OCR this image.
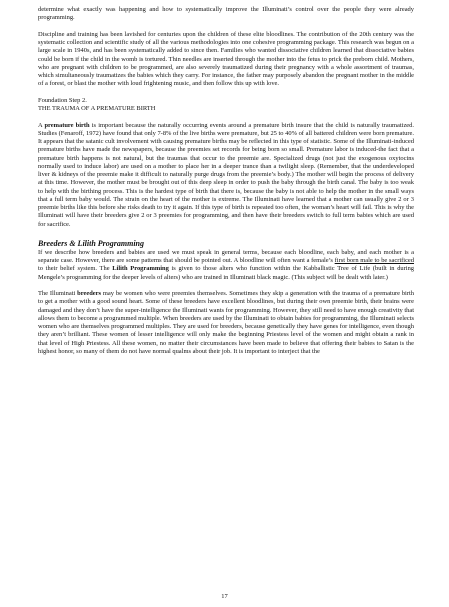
determine what exactly was happening and how to systematically improve the Illuminati’s control over the people they were already programming.

Discipline and training has been lavished for centuries upon the children of these elite bloodlines. The contribution of the 20th century was the systematic collection and scientific study of all the various methodologies into one cohesive programming package. This research was begun on a large scale in 1940s, and has been systematically added to since then. Families who wanted dissociative children learned that dissociative babies could be born if the child in the womb is tortured. Thin needles are inserted through the mother into the fetus to prick the preborn child. Mothers, who are pregnant with children to be programmed, are also severely traumatized during their pregnancy with a whole assortment of traumas, which simultaneously traumatizes the babies which they carry. For instance, the father may purposely abandon the pregnant mother in the middle of a forest, or blast the mother with loud frightening music, and then follow this up with love.

Foundation Step 2.
THE TRAUMA OF A PREMATURE BIRTH

A premature birth is important because the naturally occurring events around a premature birth insure that the child is naturally traumatized. Studies (Fenaroff, 1972) have found that only 7-8% of the live births were premature, but 25 to 40% of all battered children were born premature. It appears that the satanic cult involvement with causing premature births may be reflected in this type of statistic. Some of the Illuminati-induced premature births have made the newspapers, because the preemies set records for being born so small. Premature labor is induced-the fact that a premature birth happens is not natural, but the traumas that occur to the preemie are. Specialized drugs (not just the exogenous oxytocins normally used to induce labor) are used on a mother to place her in a deeper trance than a twilight sleep. (Remember, that the underdeveloped liver & kidneys of the preemie make it difficult to naturally purge drugs from the preemie’s body.) The mother will begin the process of delivery at this time. However, the mother must be brought out of this deep sleep in order to push the baby through the birth canal. The baby is too weak to help with the birthing process. This is the hardest type of birth that there is, because the baby is not able to help the mother in the small ways that a full term baby would. The strain on the heart of the mother is extreme. The Illuminati have learned that a mother can usually give 2 or 3 preemie births like this before she risks death to try it again. If this type of birth is repeated too often, the woman’s heart will fail. This is why the Illuminati will have their breeders give 2 or 3 preemies for programming, and then have their breeders switch to full term babies which are used for sacrifice.

Breeders & Lilith Programming

If we describe how breeders and babies are used we must speak in general terms, because each bloodline, each baby, and each mother is a separate case. However, there are some patterns that should be pointed out. A bloodline will often want a female’s first born male to be sacrificed to their belief system. The Lilith Programming is given to those alters who function within the Kabballistic Tree of Life (built in during Mengele’s programming for the deeper levels of alters) who are trained in Illuminati black magic. (This subject will be dealt with later.)

The Illuminati breeders may be women who were preemies themselves. Sometimes they skip a generation with the trauma of a premature birth to get a mother with a good sound heart. Some of these breeders have excellent bloodlines, but during their own preemie birth, their brains were damaged and they don’t have the super-intelligence the Illuminati wants for programming. However, they still need to have enough creativity that allows them to become a programmed multiple. When breeders are used by the Illuminati to obtain babies for programming, the Illuminati selects women who are themselves programmed multiples. They are used for breeders, because genetically they have genes for intelligence, even though they aren’t brilliant. These women of lesser intelligence will only make the beginning Priestess level of the women and might obtain a rank in that level of High Priestess. All these women, no matter their circumstances have been made to believe that offering their babies to Satan is the highest honor, so many of them do not have normal qualms about their job. It is important to interject that the

17
